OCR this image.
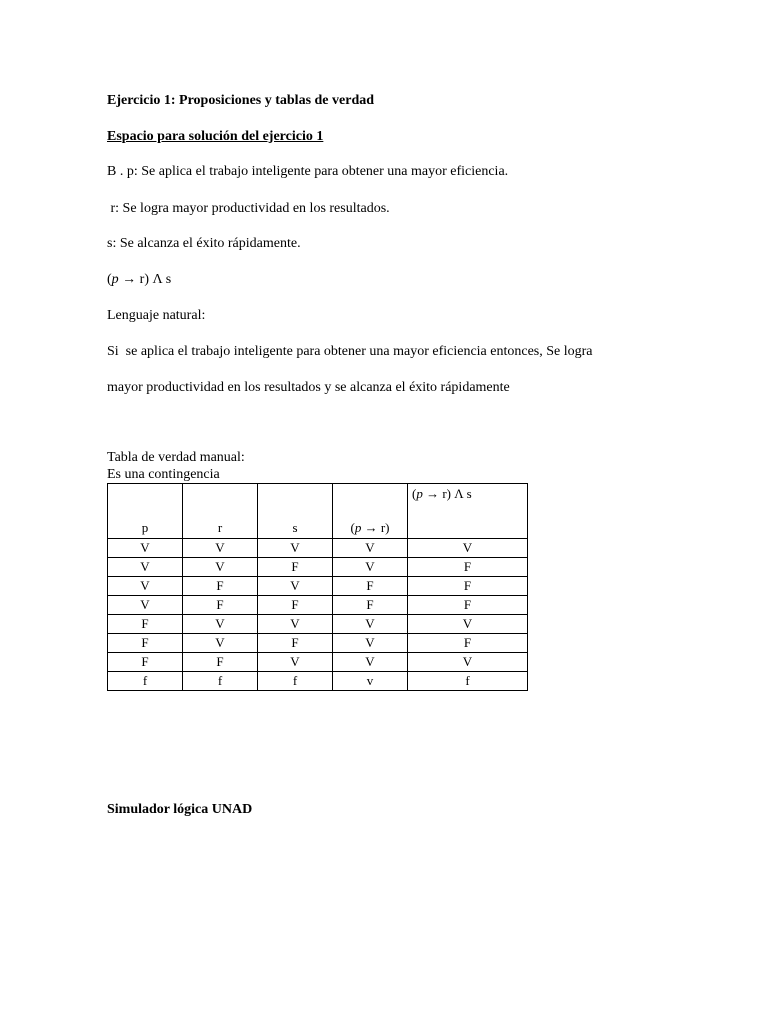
Ejercicio 1: Proposiciones y tablas de verdad
Espacio para solución del ejercicio 1
B . p: Se aplica el trabajo inteligente para obtener una mayor eficiencia.
r: Se logra mayor productividad en los resultados.
s: Se alcanza el éxito rápidamente.
(p → r) Λ s
Lenguaje natural:
Si  se aplica el trabajo inteligente para obtener una mayor eficiencia entonces, Se logra
mayor productividad en los resultados y se alcanza el éxito rápidamente
Tabla de verdad manual:
Es una contingencia
p	r	s	(p → r)	(p → r) Λ s
V	V	V	V	V
V	V	F	V	F
V	F	V	F	F
V	F	F	F	F
F	V	V	V	V
F	V	F	V	F
F	F	V	V	V
f	f	f	v	f
Simulador lógica UNAD
